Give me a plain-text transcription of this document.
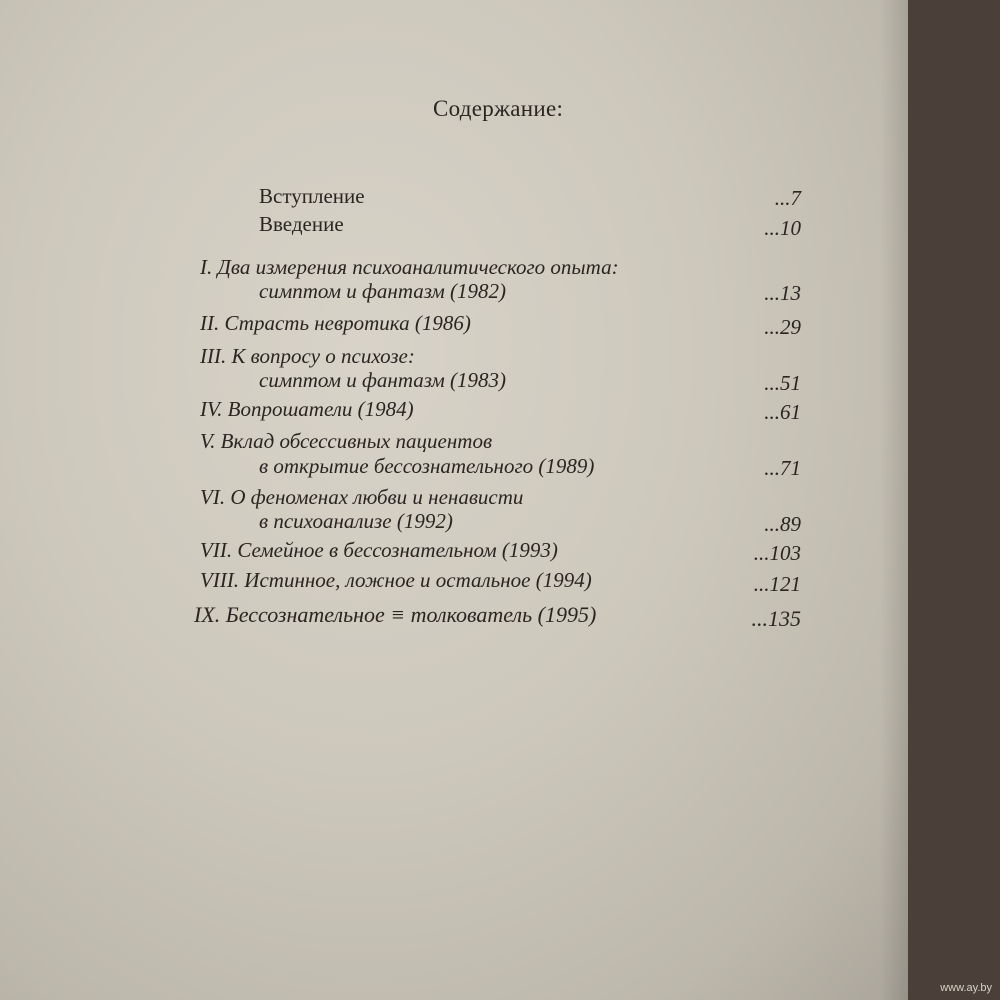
Содержание:
Вступление	...7
Введение	...10
I. Два измерения психоаналитического опыта:
симптом и фантазм (1982)	...13
II. Страсть невротика (1986)	...29
III. К вопросу о психозе:
симптом и фантазм (1983)	...51
IV. Вопрошатели (1984)	...61
V. Вклад обсессивных пациентов
в открытие бессознательного (1989)	...71
VI. О феноменах любви и ненависти
в психоанализе (1992)	...89
VII. Семейное в бессознательном (1993)	...103
VIII. Истинное, ложное и остальное (1994)	...121
IX. Бессознательное ≡ толкователь (1995)	...135
www.ay.by
